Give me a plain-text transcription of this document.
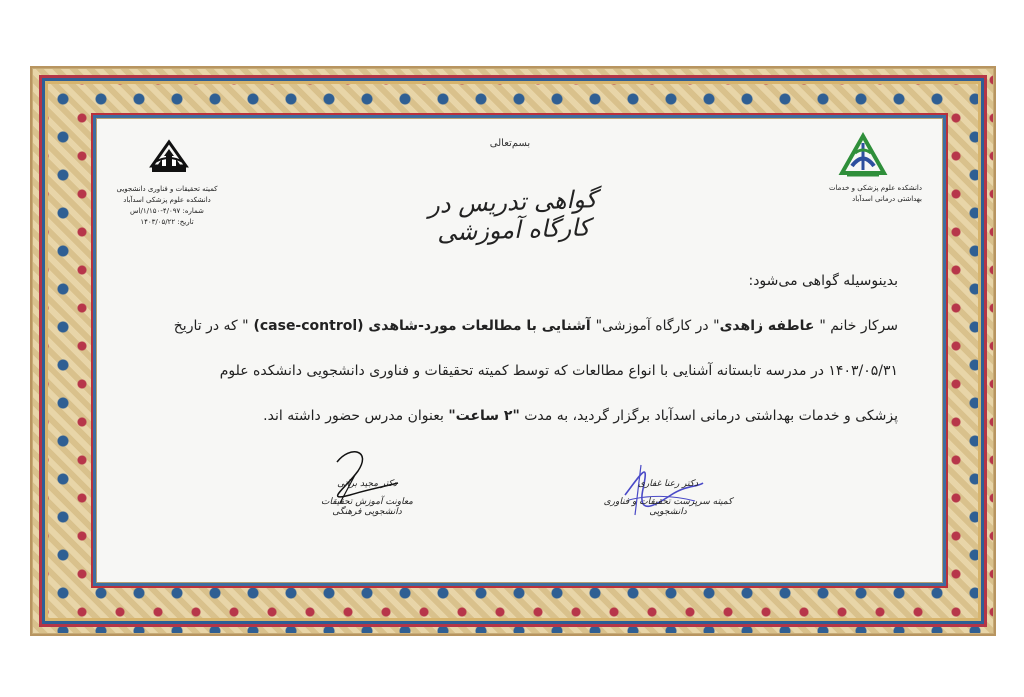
کمیته تحقیقات و فناوری دانشجویی
دانشکده علوم پزشکی اسدآباد
شماره: ۴/۰۹۷-۱/۱۵۰/اس
تاریخ: ۱۴۰۳/۰۵/۲۲
دانشکده علوم پزشکی و خدمات
بهداشتی درمانی اسدآباد
بسم‌تعالی
گواهی تدریس در کارگاه آموزشی
بدینوسیله گواهی می‌شود:
سرکار خانم " عاطفه زاهدی" در کارگاه آموزشی" آشنایی با مطالعات مورد-شاهدی (case-control) " که در تاریخ
۱۴۰۳/۰۵/۳۱ در مدرسه تابستانه آشنایی با انواع مطالعات که توسط کمیته تحقیقات و فناوری دانشجویی دانشکده علوم
پزشکی و خدمات بهداشتی درمانی اسدآباد برگزار گردید، به مدت "۲ ساعت" بعنوان مدرس حضور داشته اند.
دکتر مجید براتی
معاونت آموزش تحقیقات دانشجویی فرهنگی
دکتر رعنا غفاری
کمیته سرپرست تحقیقات و فناوری دانشجویی
